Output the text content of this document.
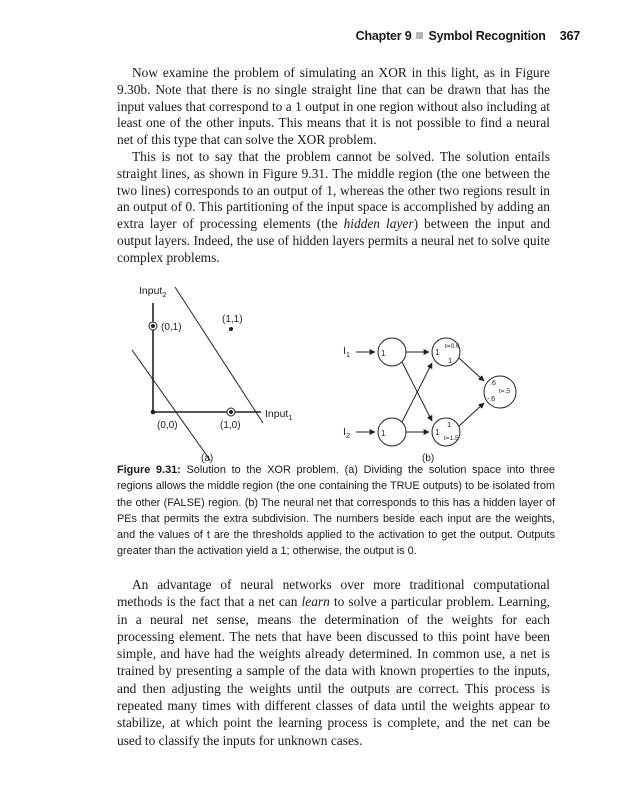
Chapter 9 Symbol Recognition 367

Now examine the problem of simulating an XOR in this light, as in Figure 9.30b. Note that there is no single straight line that can be drawn that has the input values that correspond to a 1 output in one region without also including at least one of the other inputs. This means that it is not possible to find a neural net of this type that can solve the XOR problem.

This is not to say that the problem cannot be solved. The solution entails straight lines, as shown in Figure 9.31. The middle region (the one between the two lines) corresponds to an output of 1, whereas the other two regions result in an output of 0. This partitioning of the input space is accomplished by adding an extra layer of processing elements (the hidden layer) between the input and output layers. Indeed, the use of hidden layers permits a neural net to solve quite complex problems.

Input$_2$
Input$_1$
(0,0)	(1,0)
(0,1)
(1,1)
(a)
$I_1$
$I_2$
1
1
1
t=0.6
1
1
1
t=1.5
.6
t=.5
-.6
(b)
Figure 9.31: Solution to the XOR problem. (a) Dividing the solution space into three regions allows the middle region (the one containing the TRUE outputs) to be isolated from the other (FALSE) region. (b) The neural net that corresponds to this has a hidden layer of PEs that permits the extra subdivision. The numbers beside each input are the weights, and the values of t are the thresholds applied to the activation to get the output. Outputs greater than the activation yield a 1; otherwise, the output is 0.

An advantage of neural networks over more traditional computational methods is the fact that a net can learn to solve a particular problem. Learning, in a neural net sense, means the determination of the weights for each processing element. The nets that have been discussed to this point have been simple, and have had the weights already determined. In common use, a net is trained by presenting a sample of the data with known properties to the inputs, and then adjusting the weights until the outputs are correct. This process is repeated many times with different classes of data until the weights appear to stabilize, at which point the learning process is complete, and the net can be used to classify the inputs for unknown cases.
